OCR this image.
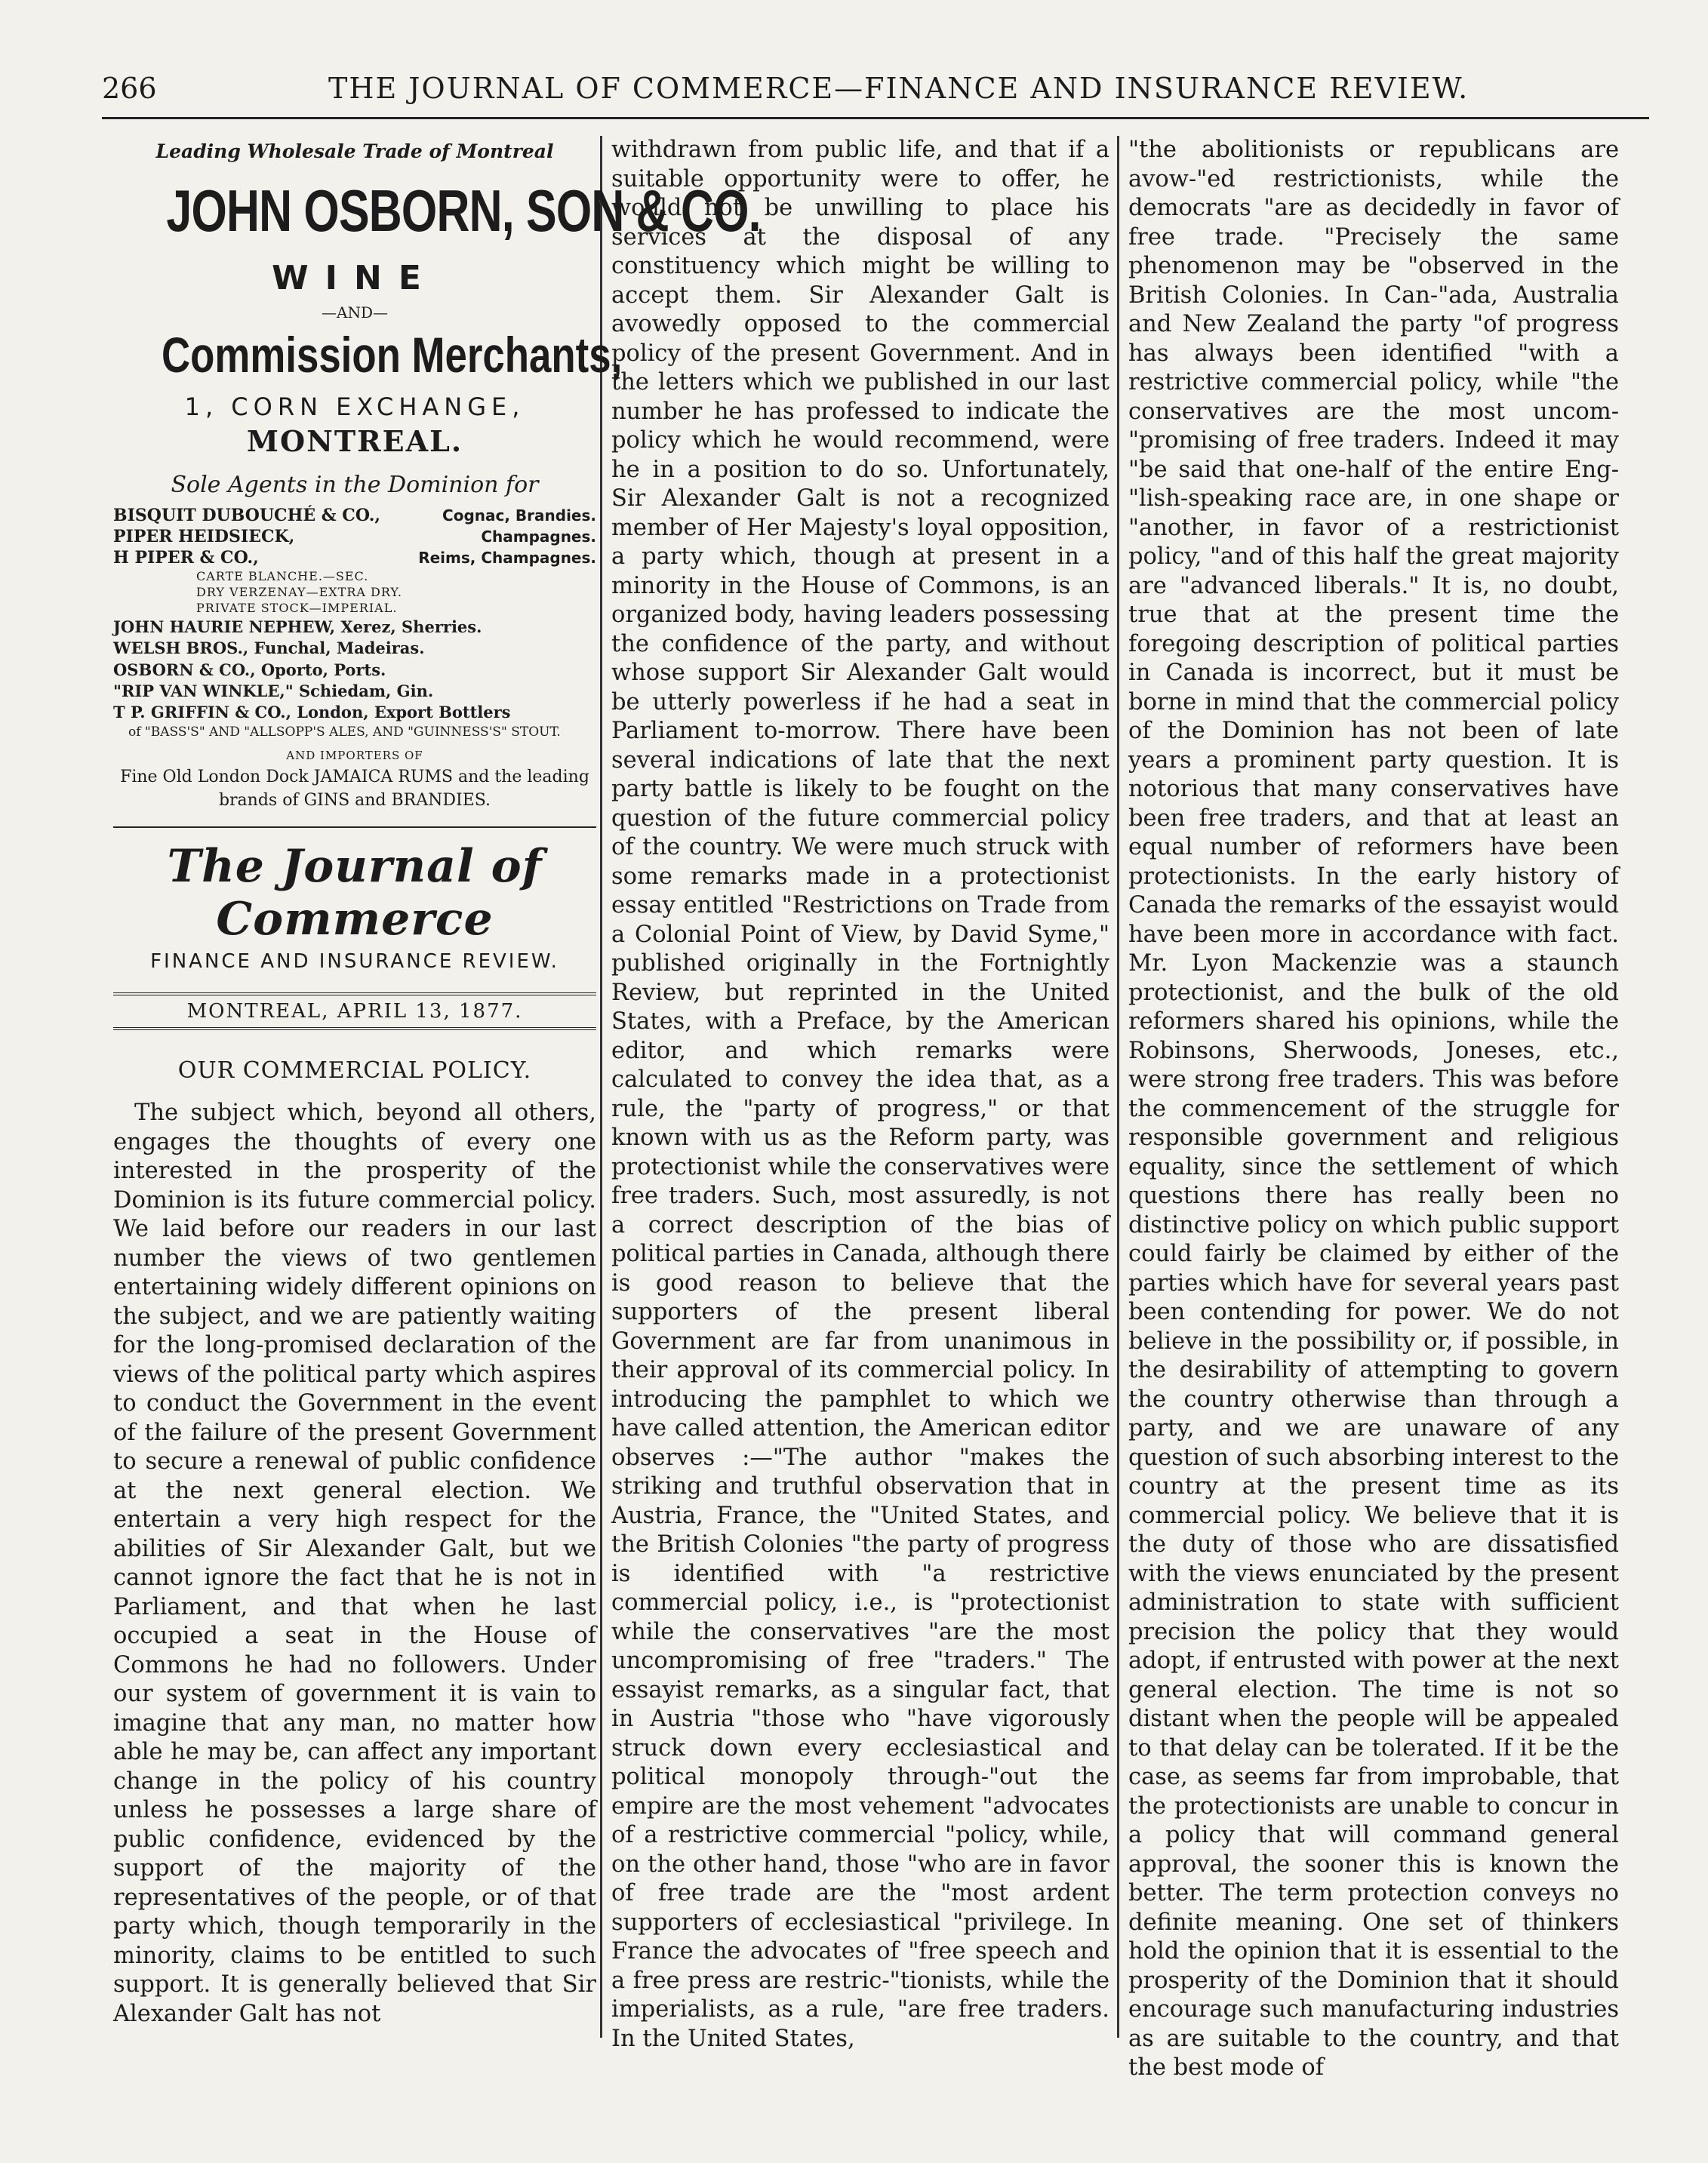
266	THE JOURNAL OF COMMERCE—FINANCE AND INSURANCE REVIEW.
Leading Wholesale Trade of Montreal
JOHN OSBORN, SON & CO.
WINE
—AND—
Commission Merchants,
1, CORN EXCHANGE,
MONTREAL.
Sole Agents in the Dominion for
BISQUIT DUBOUCHÉ & CO.,	Cognac, Brandies.
PIPER HEIDSIECK,	Champagnes.
H PIPER & CO.,	Reims, Champagnes.
CARTE BLANCHE.—SEC.
DRY VERZENAY—EXTRA DRY.
PRIVATE STOCK—IMPERIAL.
JOHN HAURIE NEPHEW, Xerez, Sherries.
WELSH BROS., Funchal, Madeiras.
OSBORN & CO., Oporto, Ports.
"RIP VAN WINKLE," Schiedam, Gin.
T P. GRIFFIN & CO., London, Export Bottlers
of "BASS'S" AND "ALLSOPP'S ALES, AND "GUINNESS'S" STOUT.
AND IMPORTERS OF
Fine Old London Dock JAMAICA RUMS and the leading brands of GINS and BRANDIES.
The Journal of Commerce
FINANCE AND INSURANCE REVIEW.
MONTREAL, APRIL 13, 1877.
OUR COMMERCIAL POLICY.

The subject which, beyond all others, engages the thoughts of every one interested in the prosperity of the Dominion is its future commercial policy. We laid before our readers in our last number the views of two gentlemen entertaining widely different opinions on the subject, and we are patiently waiting for the long-promised declaration of the views of the political party which aspires to conduct the Government in the event of the failure of the present Government to secure a renewal of public confidence at the next general election. We entertain a very high respect for the abilities of Sir Alexander Galt, but we cannot ignore the fact that he is not in Parliament, and that when he last occupied a seat in the House of Commons he had no followers. Under our system of government it is vain to imagine that any man, no matter how able he may be, can affect any important change in the policy of his country unless he possesses a large share of public confidence, evidenced by the support of the majority of the representatives of the people, or of that party which, though temporarily in the minority, claims to be entitled to such support. It is generally believed that Sir Alexander Galt has not

withdrawn from public life, and that if a suitable opportunity were to offer, he would not be unwilling to place his services at the disposal of any constituency which might be willing to accept them. Sir Alexander Galt is avowedly opposed to the commercial policy of the present Government. And in the letters which we published in our last number he has professed to indicate the policy which he would recommend, were he in a position to do so. Unfortunately, Sir Alexander Galt is not a recognized member of Her Majesty's loyal opposition, a party which, though at present in a minority in the House of Commons, is an organized body, having leaders possessing the confidence of the party, and without whose support Sir Alexander Galt would be utterly powerless if he had a seat in Parliament to-morrow. There have been several indications of late that the next party battle is likely to be fought on the question of the future commercial policy of the country. We were much struck with some remarks made in a protectionist essay entitled "Restrictions on Trade from a Colonial Point of View, by David Syme," published originally in the Fortnightly Review, but reprinted in the United States, with a Preface, by the American editor, and which remarks were calculated to convey the idea that, as a rule, the "party of progress," or that known with us as the Reform party, was protectionist while the conservatives were free traders. Such, most assuredly, is not a correct description of the bias of political parties in Canada, although there is good reason to believe that the supporters of the present liberal Government are far from unanimous in their approval of its commercial policy. In introducing the pamphlet to which we have called attention, the American editor observes :—"The author "makes the striking and truthful observation that in Austria, France, the "United States, and the British Colonies "the party of progress is identified with "a restrictive commercial policy, i.e., is "protectionist while the conservatives "are the most uncompromising of free "traders." The essayist remarks, as a singular fact, that in Austria "those who "have vigorously struck down every ecclesiastical and political monopoly through-"out the empire are the most vehement "advocates of a restrictive commercial "policy, while, on the other hand, those "who are in favor of free trade are the "most ardent supporters of ecclesiastical "privilege. In France the advocates of "free speech and a free press are restric-"tionists, while the imperialists, as a rule, "are free traders. In the United States,

"the abolitionists or republicans are avow-"ed restrictionists, while the democrats "are as decidedly in favor of free trade. "Precisely the same phenomenon may be "observed in the British Colonies. In Can-"ada, Australia and New Zealand the party "of progress has always been identified "with a restrictive commercial policy, while "the conservatives are the most uncom-"promising of free traders. Indeed it may "be said that one-half of the entire Eng-"lish-speaking race are, in one shape or "another, in favor of a restrictionist policy, "and of this half the great majority are "advanced liberals." It is, no doubt, true that at the present time the foregoing description of political parties in Canada is incorrect, but it must be borne in mind that the commercial policy of the Dominion has not been of late years a prominent party question. It is notorious that many conservatives have been free traders, and that at least an equal number of reformers have been protectionists. In the early history of Canada the remarks of the essayist would have been more in accordance with fact. Mr. Lyon Mackenzie was a staunch protectionist, and the bulk of the old reformers shared his opinions, while the Robinsons, Sherwoods, Joneses, etc., were strong free traders. This was before the commencement of the struggle for responsible government and religious equality, since the settlement of which questions there has really been no distinctive policy on which public support could fairly be claimed by either of the parties which have for several years past been contending for power. We do not believe in the possibility or, if possible, in the desirability of attempting to govern the country otherwise than through a party, and we are unaware of any question of such absorbing interest to the country at the present time as its commercial policy. We believe that it is the duty of those who are dissatisfied with the views enunciated by the present administration to state with sufficient precision the policy that they would adopt, if entrusted with power at the next general election. The time is not so distant when the people will be appealed to that delay can be tolerated. If it be the case, as seems far from improbable, that the protectionists are unable to concur in a policy that will command general approval, the sooner this is known the better. The term protection conveys no definite meaning. One set of thinkers hold the opinion that it is essential to the prosperity of the Dominion that it should encourage such manufacturing industries as are suitable to the country, and that the best mode of
